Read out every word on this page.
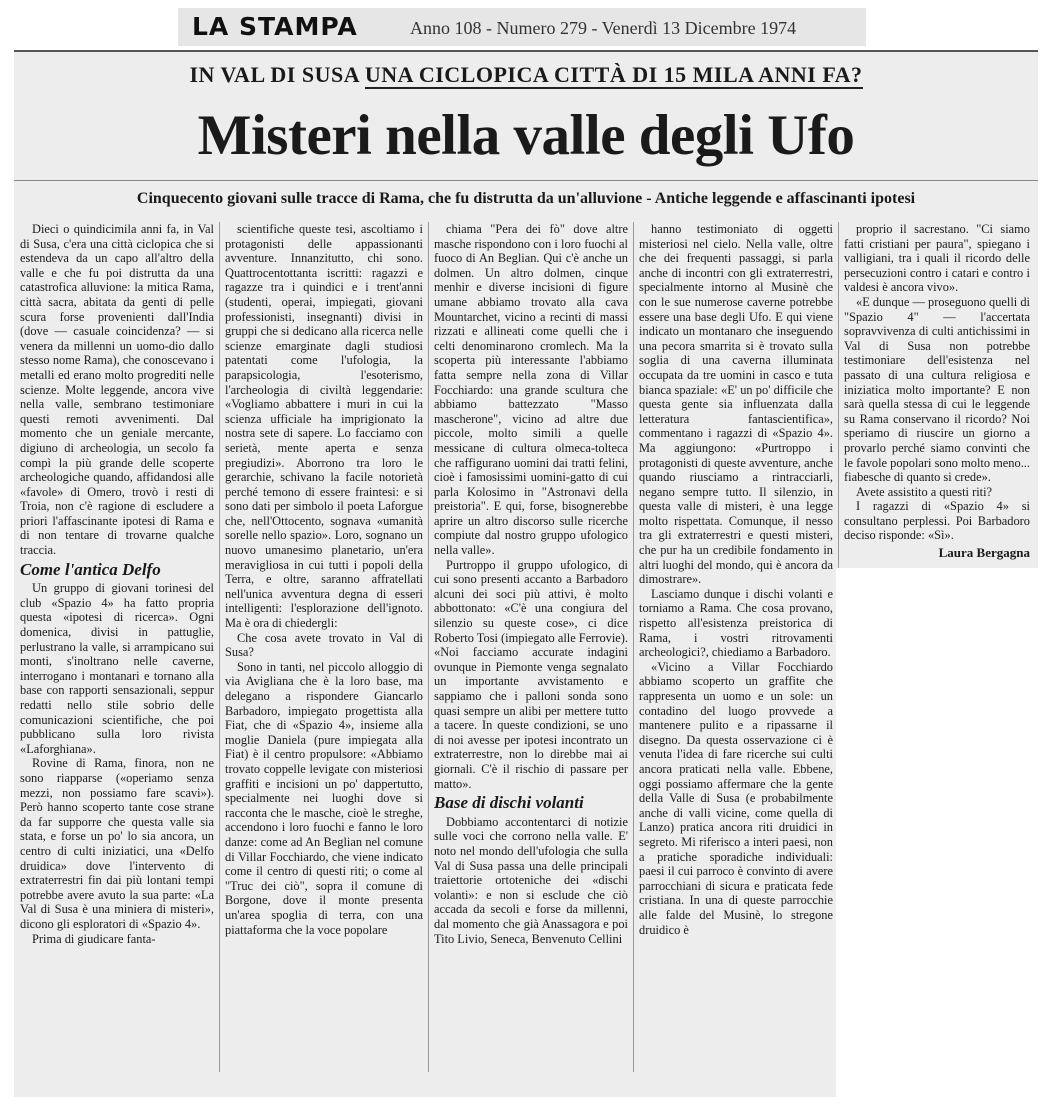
LA STAMPA	Anno 108 - Numero 279 - Venerdì 13 Dicembre 1974
IN VAL DI SUSA UNA CICLOPICA CITTÀ DI 15 MILA ANNI FA?
Misteri nella valle degli Ufo
Cinquecento giovani sulle tracce di Rama, che fu distrutta da un'alluvione - Antiche leggende e affascinanti ipotesi

Dieci o quindicimila anni fa, in Val di Susa, c'era una città ciclopica che si estendeva da un capo all'altro della valle e che fu poi distrutta da una catastrofica alluvione: la mitica Rama, città sacra, abitata da genti di pelle scura forse provenienti dall'India (dove — casuale coincidenza? — si venera da millenni un uomo-dio dallo stesso nome Rama), che conoscevano i metalli ed erano molto progrediti nelle scienze. Molte leggende, ancora vive nella valle, sembrano testimoniare questi remoti avvenimenti. Dal momento che un geniale mercante, digiuno di archeologia, un secolo fa compì la più grande delle scoperte archeologiche quando, affidandosi alle «favole» di Omero, trovò i resti di Troia, non c'è ragione di escludere a priori l'affascinante ipotesi di Rama e di non tentare di trovarne qualche traccia.

Come l'antica Delfo

Un gruppo di giovani torinesi del club «Spazio 4» ha fatto propria questa «ipotesi di ricerca». Ogni domenica, divisi in pattuglie, perlustrano la valle, si arrampicano sui monti, s'inoltrano nelle caverne, interrogano i montanari e tornano alla base con rapporti sensazionali, seppur redatti nello stile sobrio delle comunicazioni scientifiche, che poi pubblicano sulla loro rivista «Laforghiana».

Rovine di Rama, finora, non ne sono riapparse («operiamo senza mezzi, non possiamo fare scavi»). Però hanno scoperto tante cose strane da far supporre che questa valle sia stata, e forse un po' lo sia ancora, un centro di culti iniziatici, una «Delfo druidica» dove l'intervento di extraterrestri fin dai più lontani tempi potrebbe avere avuto la sua parte: «La Val di Susa è una miniera di misteri», dicono gli esploratori di «Spazio 4».

Prima di giudicare fanta-

scientifiche queste tesi, ascoltiamo i protagonisti delle appassionanti avventure. Innanzitutto, chi sono. Quattrocentottanta iscritti: ragazzi e ragazze tra i quindici e i trent'anni (studenti, operai, impiegati, giovani professionisti, insegnanti) divisi in gruppi che si dedicano alla ricerca nelle scienze emarginate dagli studiosi patentati come l'ufologia, la parapsicologia, l'esoterismo, l'archeologia di civiltà leggendarie: «Vogliamo abbattere i muri in cui la scienza ufficiale ha imprigionato la nostra sete di sapere. Lo facciamo con serietà, mente aperta e senza pregiudizi». Aborrono tra loro le gerarchie, schivano la facile notorietà perché temono di essere fraintesi: e si sono dati per simbolo il poeta Laforgue che, nell'Ottocento, sognava «umanità sorelle nello spazio». Loro, sognano un nuovo umanesimo planetario, un'era meravigliosa in cui tutti i popoli della Terra, e oltre, saranno affratellati nell'unica avventura degna di esseri intelligenti: l'esplorazione dell'ignoto. Ma è ora di chiedergli:

Che cosa avete trovato in Val di Susa?

Sono in tanti, nel piccolo alloggio di via Avigliana che è la loro base, ma delegano a rispondere Giancarlo Barbadoro, impiegato progettista alla Fiat, che di «Spazio 4», insieme alla moglie Daniela (pure impiegata alla Fiat) è il centro propulsore: «Abbiamo trovato coppelle levigate con misteriosi graffiti e incisioni un po' dappertutto, specialmente nei luoghi dove si racconta che le masche, cioè le streghe, accendono i loro fuochi e fanno le loro danze: come ad An Beglian nel comune di Villar Focchiardo, che viene indicato come il centro di questi riti; o come al "Truc dei ciò", sopra il comune di Borgone, dove il monte presenta un'area spoglia di terra, con una piattaforma che la voce popolare

chiama "Pera dei fò" dove altre masche rispondono con i loro fuochi al fuoco di An Beglian. Qui c'è anche un dolmen. Un altro dolmen, cinque menhir e diverse incisioni di figure umane abbiamo trovato alla cava Mountarchet, vicino a recinti di massi rizzati e allineati come quelli che i celti denominarono cromlech. Ma la scoperta più interessante l'abbiamo fatta sempre nella zona di Villar Focchiardo: una grande scultura che abbiamo battezzato "Masso mascherone", vicino ad altre due piccole, molto simili a quelle messicane di cultura olmeca-tolteca che raffigurano uomini dai tratti felini, cioè i famosissimi uomini-gatto di cui parla Kolosimo in "Astronavi della preistoria". E qui, forse, bisognerebbe aprire un altro discorso sulle ricerche compiute dal nostro gruppo ufologico nella valle».

Purtroppo il gruppo ufologico, di cui sono presenti accanto a Barbadoro alcuni dei soci più attivi, è molto abbottonato: «C'è una congiura del silenzio su queste cose», ci dice Roberto Tosi (impiegato alle Ferrovie). «Noi facciamo accurate indagini ovunque in Piemonte venga segnalato un importante avvistamento e sappiamo che i palloni sonda sono quasi sempre un alibi per mettere tutto a tacere. In queste condizioni, se uno di noi avesse per ipotesi incontrato un extraterrestre, non lo direbbe mai ai giornali. C'è il rischio di passare per matto».

Base di dischi volanti

Dobbiamo accontentarci di notizie sulle voci che corrono nella valle. E' noto nel mondo dell'ufologia che sulla Val di Susa passa una delle principali traiettorie ortoteniche dei «dischi volanti»: e non si esclude che ciò accada da secoli e forse da millenni, dal momento che già Anassagora e poi Tito Livio, Seneca, Benvenuto Cellini

hanno testimoniato di oggetti misteriosi nel cielo. Nella valle, oltre che dei frequenti passaggi, si parla anche di incontri con gli extraterrestri, specialmente intorno al Musinè che con le sue numerose caverne potrebbe essere una base degli Ufo. E qui viene indicato un montanaro che inseguendo una pecora smarrita si è trovato sulla soglia di una caverna illuminata occupata da tre uomini in casco e tuta bianca spaziale: «E' un po' difficile che questa gente sia influenzata dalla letteratura fantascientifica», commentano i ragazzi di «Spazio 4». Ma aggiungono: «Purtroppo i protagonisti di queste avventure, anche quando riusciamo a rintracciarli, negano sempre tutto. Il silenzio, in questa valle di misteri, è una legge molto rispettata. Comunque, il nesso tra gli extraterrestri e questi misteri, che pur ha un credibile fondamento in altri luoghi del mondo, qui è ancora da dimostrare».

Lasciamo dunque i dischi volanti e torniamo a Rama. Che cosa provano, rispetto all'esistenza preistorica di Rama, i vostri ritrovamenti archeologici?, chiediamo a Barbadoro.

«Vicino a Villar Focchiardo abbiamo scoperto un graffite che rappresenta un uomo e un sole: un contadino del luogo provvede a mantenere pulito e a ripassarne il disegno. Da questa osservazione ci è venuta l'idea di fare ricerche sui culti ancora praticati nella valle. Ebbene, oggi possiamo affermare che la gente della Valle di Susa (e probabilmente anche di valli vicine, come quella di Lanzo) pratica ancora riti druidici in segreto. Mi riferisco a interi paesi, non a pratiche sporadiche individuali: paesi il cui parroco è convinto di avere parrocchiani di sicura e praticata fede cristiana. In una di queste parrocchie alle falde del Musinè, lo stregone druidico è

proprio il sacrestano. "Ci siamo fatti cristiani per paura", spiegano i valligiani, tra i quali il ricordo delle persecuzioni contro i catari e contro i valdesi è ancora vivo».

«E dunque — proseguono quelli di "Spazio 4" — l'accertata sopravvivenza di culti antichissimi in Val di Susa non potrebbe testimoniare dell'esistenza nel passato di una cultura religiosa e iniziatica molto importante? E non sarà quella stessa di cui le leggende su Rama conservano il ricordo? Noi speriamo di riuscire un giorno a provarlo perché siamo convinti che le favole popolari sono molto meno... fiabesche di quanto si crede».

Avete assistito a questi riti?

I ragazzi di «Spazio 4» si consultano perplessi. Poi Barbadoro deciso risponde: «Sì».

Laura Bergagna
